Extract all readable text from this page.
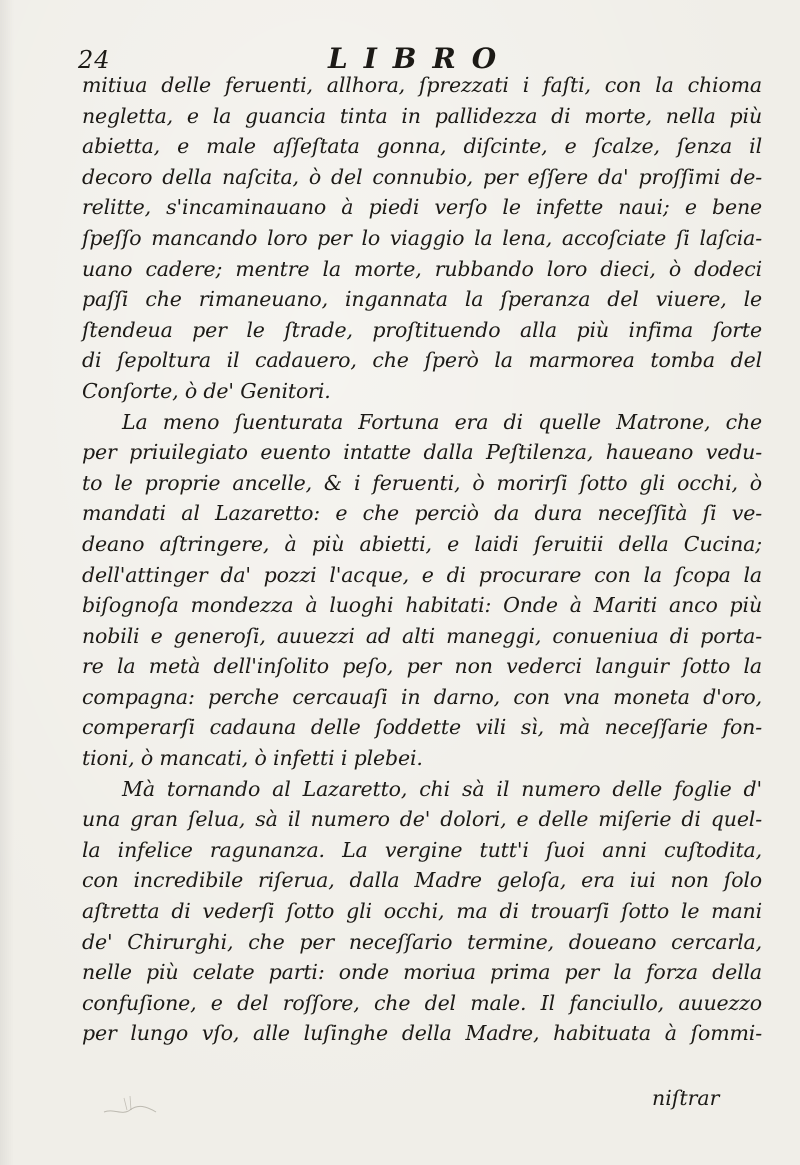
24	LIBRO
mitiua delle feruenti, allhora, ſprezzati i faſti, con la chioma
negletta, e la guancia tinta in pallidezza di morte, nella più
abietta, e male aſſeſtata gonna, diſcinte, e ſcalze, ſenza il
decoro della naſcita, ò del connubio, per eſſere da' proſſimi de-
relitte, s'incaminauano à piedi verſo le infette naui; e bene
ſpeſſo mancando loro per lo viaggio la lena, accoſciate ſi laſcia-
uano cadere; mentre la morte, rubbando loro dieci, ò dodeci
paſſi che rimaneuano, ingannata la ſperanza del viuere, le
ſtendeua per le ſtrade, proſtituendo alla più infima ſorte
di ſepoltura il cadauero, che ſperò la marmorea tomba del
Conſorte, ò de' Genitori.
La meno ſuenturata Fortuna era di quelle Matrone, che
per priuilegiato euento intatte dalla Peſtilenza, haueano vedu-
to le proprie ancelle, & i feruenti, ò morirſi ſotto gli occhi, ò
mandati al Lazaretto: e che perciò da dura neceſſità ſi ve-
deano aſtringere, à più abietti, e laidi ſeruitii della Cucina;
dell'attinger da' pozzi l'acque, e di procurare con la ſcopa la
biſognoſa mondezza à luoghi habitati: Onde à Mariti anco più
nobili e generoſi, auuezzi ad alti maneggi, conueniua di porta-
re la metà dell'inſolito peſo, per non vederci languir ſotto la
compagna: perche cercauaſi in darno, con vna moneta d'oro,
comperarſi cadauna delle ſoddette vili sì, mà neceſſarie fon-
tioni, ò mancati, ò infetti i plebei.
Mà tornando al Lazaretto, chi sà il numero delle foglie d'
una gran ſelua, sà il numero de' dolori, e delle miſerie di quel-
la infelice ragunanza. La vergine tutt'i ſuoi anni cuſtodita,
con incredibile riſerua, dalla Madre geloſa, era iui non ſolo
aſtretta di vederſi ſotto gli occhi, ma di trouarſi ſotto le mani
de' Chirurghi, che per neceſſario termine, doueano cercarla,
nelle più celate parti: onde moriua prima per la forza della
confuſione, e del roſſore, che del male. Il fanciullo, auuezzo
per lungo vſo, alle luſinghe della Madre, habituata à ſommi-
niſtrar
